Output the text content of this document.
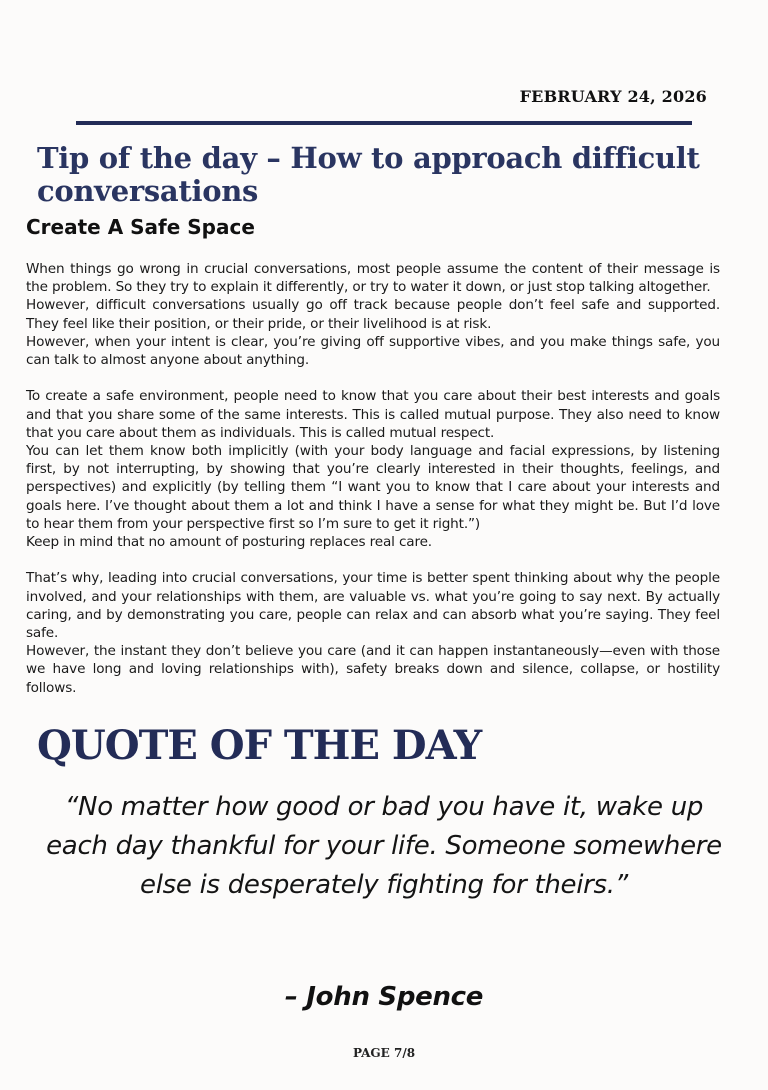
FEBRUARY 24, 2026
Tip of the day – How to approach difficult conversations
Create A Safe Space

When things go wrong in crucial conversations, most people assume the content of their message is the problem. So they try to explain it differently, or try to water it down, or just stop talking altogether.

However, difficult conversations usually go off track because people don’t feel safe and supported. They feel like their position, or their pride, or their livelihood is at risk.

However, when your intent is clear, you’re giving off supportive vibes, and you make things safe, you can talk to almost anyone about anything.

To create a safe environment, people need to know that you care about their best interests and goals and that you share some of the same interests. This is called mutual purpose. They also need to know that you care about them as individuals. This is called mutual respect.

You can let them know both implicitly (with your body language and facial expressions, by listening first, by not interrupting, by showing that you’re clearly interested in their thoughts, feelings, and perspectives) and explicitly (by telling them “I want you to know that I care about your interests and goals here. I’ve thought about them a lot and think I have a sense for what they might be. But I’d love to hear them from your perspective first so I’m sure to get it right.”)

Keep in mind that no amount of posturing replaces real care.

That’s why, leading into crucial conversations, your time is better spent thinking about why the people involved, and your relationships with them, are valuable vs. what you’re going to say next. By actually caring, and by demonstrating you care, people can relax and can absorb what you’re saying. They feel safe.

However, the instant they don’t believe you care (and it can happen instantaneously—even with those we have long and loving relationships with), safety breaks down and silence, collapse, or hostility follows.

QUOTE OF THE DAY

“No matter how good or bad you have it, wake up each day thankful for your life. Someone somewhere else is desperately fighting for theirs.”

– John Spence
PAGE 7/8
